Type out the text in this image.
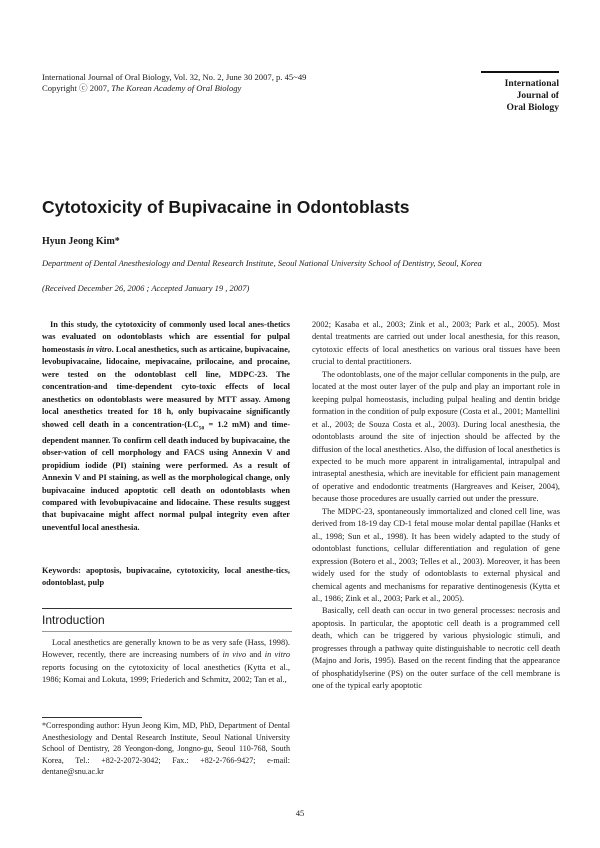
International Journal of Oral Biology, Vol. 32, No. 2, June 30 2007, p. 45~49
Copyright ⓒ 2007, The Korean Academy of Oral Biology	International
Journal of
Oral Biology
Cytotoxicity of Bupivacaine in Odontoblasts
Hyun Jeong Kim*
Department of Dental Anesthesiology and Dental Research Institute, Seoul National University School of Dentistry, Seoul, Korea
(Received December 26, 2006 ; Accepted January 19 , 2007)

In this study, the cytotoxicity of commonly used local anes-thetics was evaluated on odontoblasts which are essential for pulpal homeostasis in vitro. Local anesthetics, such as articaine, bupivacaine, levobupivacaine, lidocaine, mepivacaine, prilocaine, and procaine, were tested on the odontoblast cell line, MDPC-23. The concentration-and time-dependent cyto-toxic effects of local anesthetics on odontoblasts were measured by MTT assay. Among local anesthetics treated for 18 h, only bupivacaine significantly showed cell death in a concentration-($LC_{50} = 1.2$ mM) and time-dependent manner. To confirm cell death induced by bupivacaine, the obser-vation of cell morphology and FACS using Annexin V and propidium iodide (PI) staining were performed. As a result of Annexin V and PI staining, as well as the morphological change, only bupivacaine induced apoptotic cell death on odontoblasts when compared with levobupivacaine and lidocaine. These results suggest that bupivacaine might affect normal pulpal integrity even after uneventful local anesthesia.

Keywords: apoptosis, bupivacaine, cytotoxicity, local anesthe-tics, odontoblast, pulp

Introduction

Local anesthetics are generally known to be as very safe (Hass, 1998). However, recently, there are increasing numbers of in vivo and in vitro reports focusing on the cytotoxicity of local anesthetics (Kytta et al., 1986; Komai and Lokuta, 1999; Friederich and Schmitz, 2002; Tan et al.,

*Corresponding author: Hyun Jeong Kim, MD, PhD, Department of Dental Anesthesiology and Dental Research Institute, Seoul National University School of Dentistry, 28 Yeongon-dong, Jongno-gu, Seoul 110-768, South Korea, Tel.: +82-2-2072-3042; Fax.: +82-2-766-9427; e-mail: dentane@snu.ac.kr

2002; Kasaba et al., 2003; Zink et al., 2003; Park et al., 2005). Most dental treatments are carried out under local anesthesia, for this reason, cytotoxic effects of local anesthetics on various oral tissues have been crucial to dental practitioners.

The odontoblasts, one of the major cellular components in the pulp, are located at the most outer layer of the pulp and play an important role in keeping pulpal homeostasis, including pulpal healing and dentin bridge formation in the condition of pulp exposure (Costa et al., 2001; Mantellini et al., 2003; de Souza Costa et al., 2003). During local anesthesia, the odontoblasts around the site of injection should be affected by the diffusion of the local anesthetics. Also, the diffusion of local anesthetics is expected to be much more apparent in intraligamental, intrapulpal and intraseptal anesthesia, which are inevitable for efficient pain management of operative and endodontic treatments (Hargreaves and Keiser, 2004), because those procedures are usually carried out under the pressure.

The MDPC-23, spontaneously immortalized and cloned cell line, was derived from 18-19 day CD-1 fetal mouse molar dental papillae (Hanks et al., 1998; Sun et al., 1998). It has been widely adapted to the study of odontoblast functions, cellular differentiation and regulation of gene expression (Botero et al., 2003; Telles et al., 2003). Moreover, it has been widely used for the study of odontoblasts to external physical and chemical agents and mechanisms for reparative dentinogenesis (Kytta et al., 1986; Zink et al., 2003; Park et al., 2005).

Basically, cell death can occur in two general processes: necrosis and apoptosis. In particular, the apoptotic cell death is a programmed cell death, which can be triggered by various physiologic stimuli, and progresses through a pathway quite distinguishable to necrotic cell death (Majno and Joris, 1995). Based on the recent finding that the appearance of phosphatidylserine (PS) on the outer surface of the cell membrane is one of the typical early apoptotic

45
